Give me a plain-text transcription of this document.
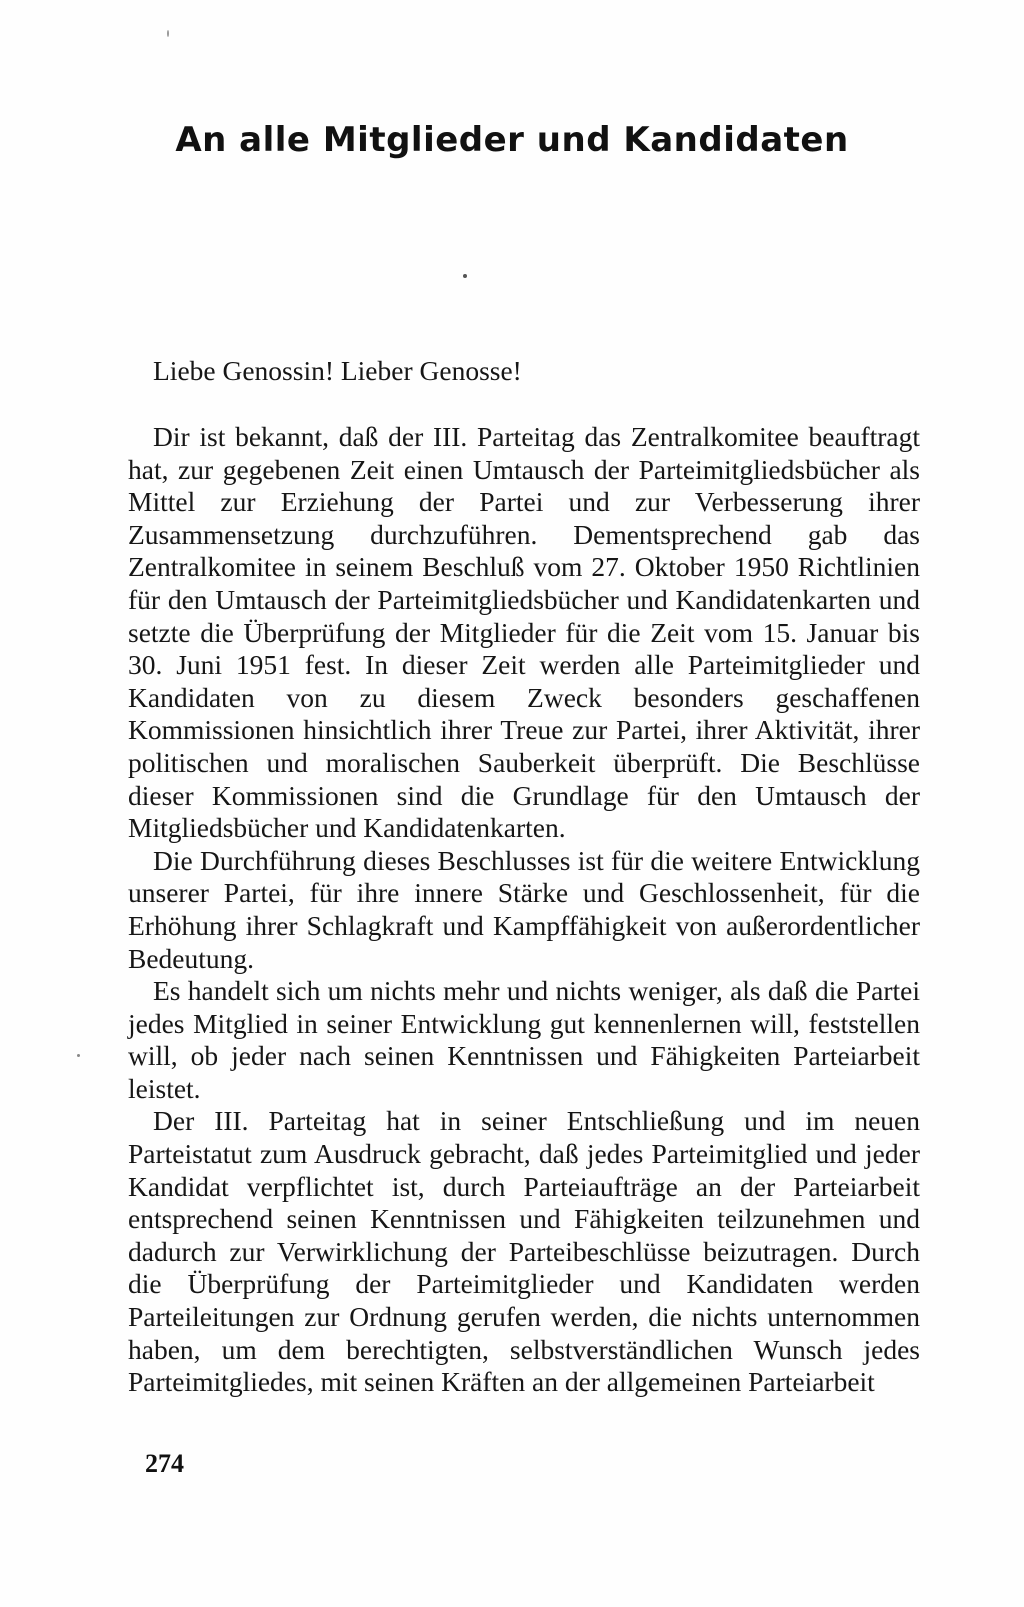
An alle Mitglieder und Kandidaten
Liebe Genossin! Lieber Genosse!

Dir ist bekannt, daß der III. Parteitag das Zentralkomitee beauftragt hat, zur gegebenen Zeit einen Umtausch der Parteimitgliedsbücher als Mittel zur Erziehung der Partei und zur Verbesserung ihrer Zusammensetzung durchzuführen. Dementsprechend gab das Zentralkomitee in seinem Beschluß vom 27. Oktober 1950 Richtlinien für den Umtausch der Parteimitgliedsbücher und Kandidatenkarten und setzte die Überprüfung der Mitglieder für die Zeit vom 15. Januar bis 30. Juni 1951 fest. In dieser Zeit werden alle Parteimitglieder und Kandidaten von zu diesem Zweck besonders geschaffenen Kommissionen hinsichtlich ihrer Treue zur Partei, ihrer Aktivität, ihrer politischen und moralischen Sauberkeit überprüft. Die Beschlüsse dieser Kommissionen sind die Grundlage für den Umtausch der Mitgliedsbücher und Kandidatenkarten.

Die Durchführung dieses Beschlusses ist für die weitere Entwicklung unserer Partei, für ihre innere Stärke und Geschlossenheit, für die Erhöhung ihrer Schlagkraft und Kampffähigkeit von außerordentlicher Bedeutung.

Es handelt sich um nichts mehr und nichts weniger, als daß die Partei jedes Mitglied in seiner Entwicklung gut kennenlernen will, feststellen will, ob jeder nach seinen Kenntnissen und Fähigkeiten Parteiarbeit leistet.

Der III. Parteitag hat in seiner Entschließung und im neuen Parteistatut zum Ausdruck gebracht, daß jedes Parteimitglied und jeder Kandidat verpflichtet ist, durch Parteiaufträge an der Parteiarbeit entsprechend seinen Kenntnissen und Fähigkeiten teilzunehmen und dadurch zur Verwirklichung der Parteibeschlüsse beizutragen. Durch die Überprüfung der Parteimitglieder und Kandidaten werden Parteileitungen zur Ordnung gerufen werden, die nichts unternommen haben, um dem berechtigten, selbstverständlichen Wunsch jedes Parteimitgliedes, mit seinen Kräften an der allgemeinen Parteiarbeit

274
